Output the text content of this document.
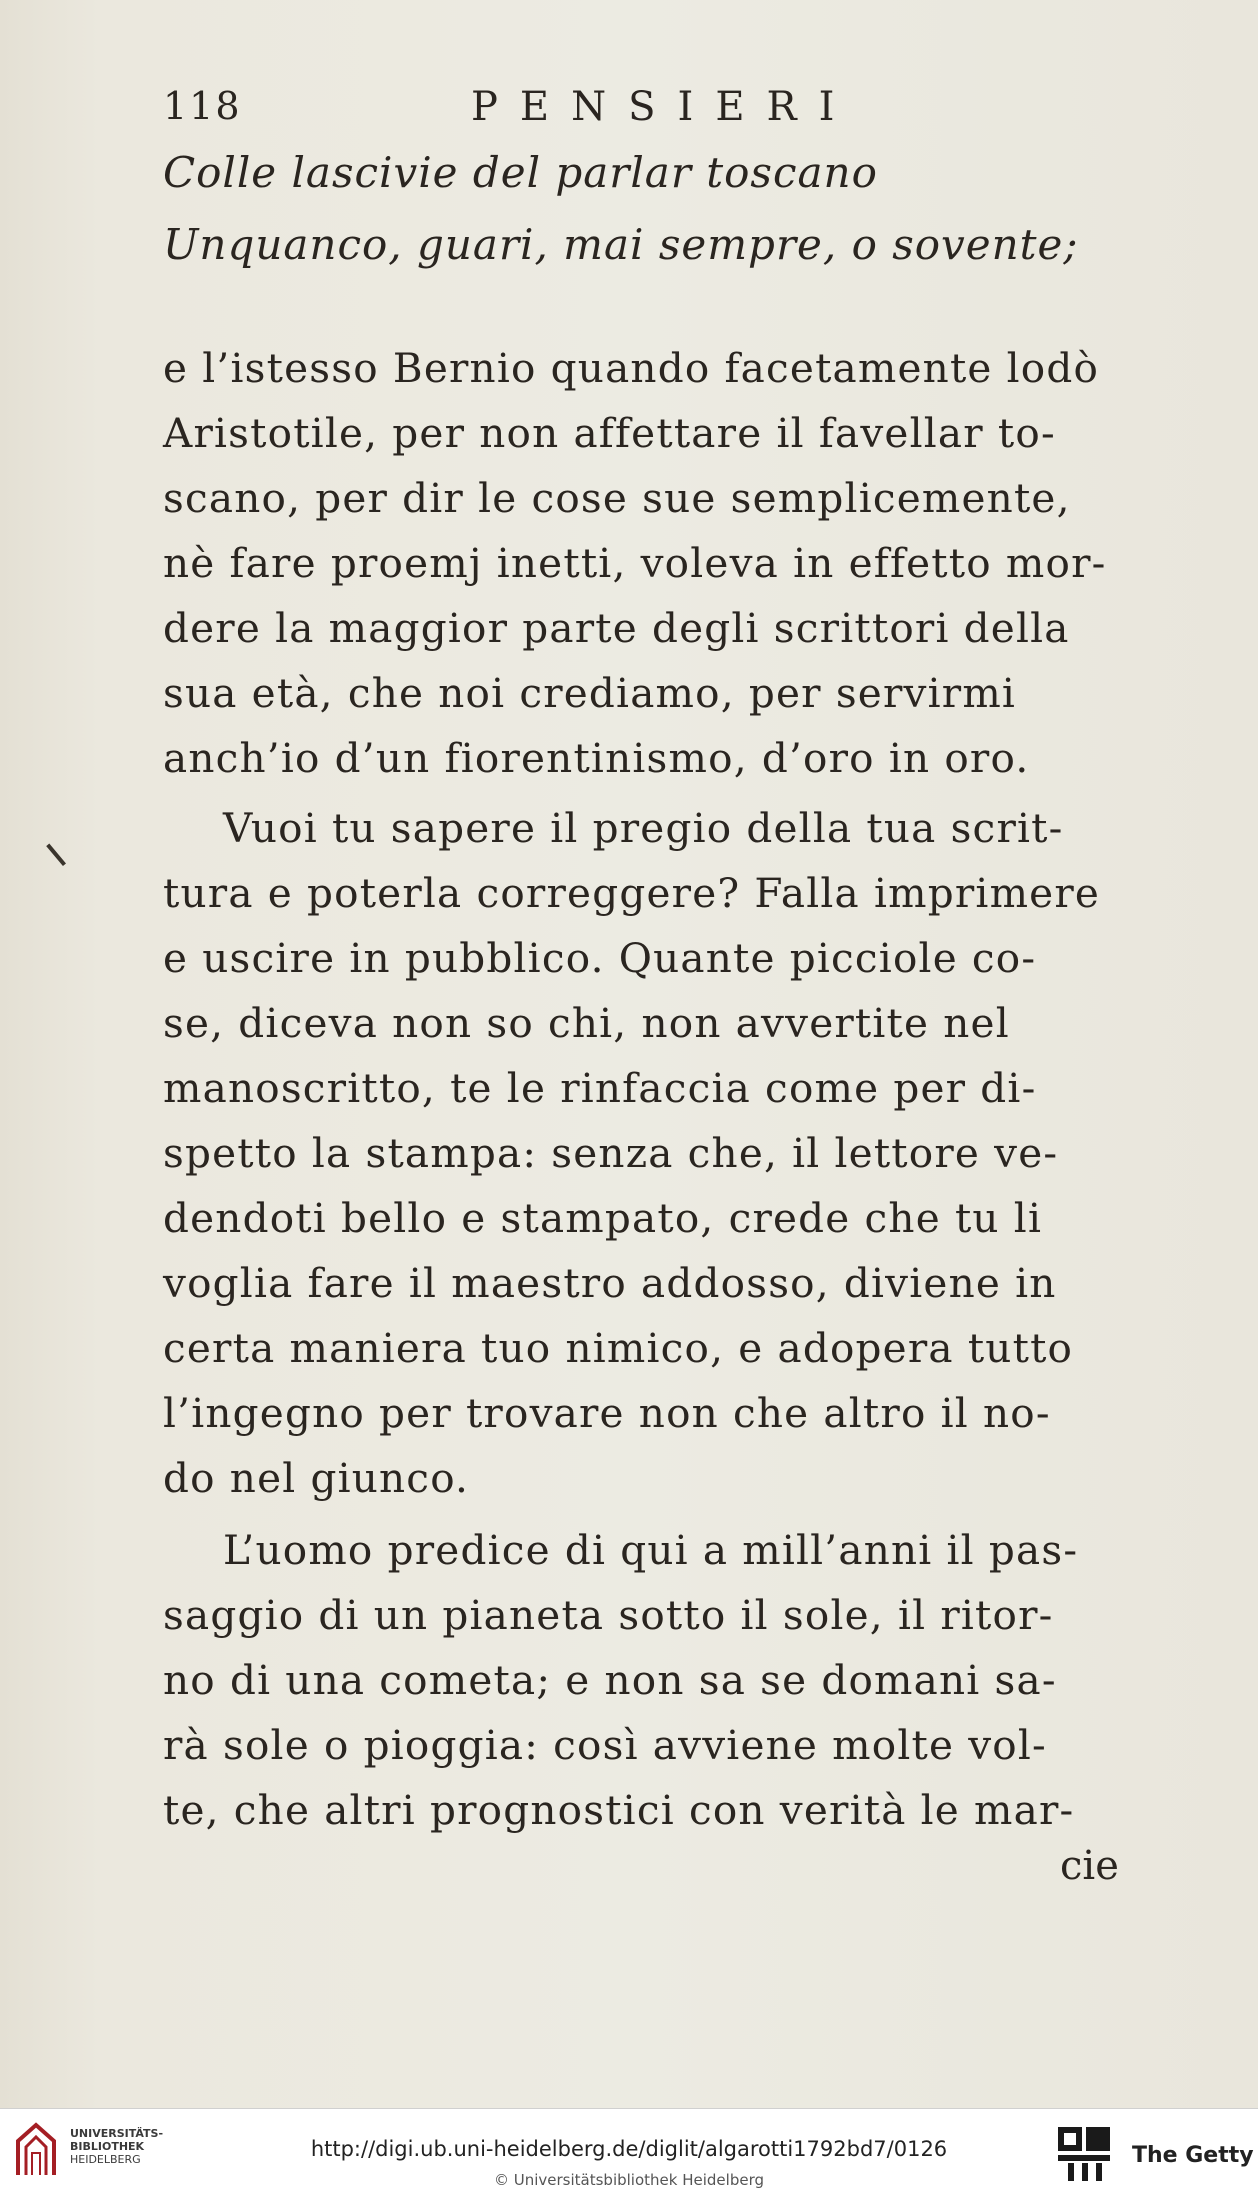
118	PENSIERI
Colle lascivie del parlar toscano
Unquanco, guari, mai sempre, o sovente;
e l’istesso Bernio quando facetamente lodò
Aristotile, per non affettare il favellar to-
scano, per dir le cose sue semplicemente,
nè fare proemj inetti, voleva in effetto mor-
dere la maggior parte degli scrittori della
sua età, che noi crediamo, per servirmi
anch’io d’un fiorentinismo, d’oro in oro.
Vuoi tu sapere il pregio della tua scrit-
tura e poterla correggere? Falla imprimere
e uscire in pubblico. Quante picciole co-
se, diceva non so chi, non avvertite nel
manoscritto, te le rinfaccia come per di-
spetto la stampa: senza che, il lettore ve-
dendoti bello e stampato, crede che tu li
voglia fare il maestro addosso, diviene in
certa maniera tuo nimico, e adopera tutto
l’ingegno per trovare non che altro il no-
do nel giunco.
L’uomo predice di qui a mill’anni il pas-
saggio di un pianeta sotto il sole, il ritor-
no di una cometa; e non sa se domani sa-
rà sole o pioggia: così avviene molte vol-
te, che altri prognostici con verità le mar-
cie
UNIVERSITÄTS-
BIBLIOTHEK
HEIDELBERG	http://digi.ub.uni-heidelberg.de/diglit/algarotti1792bd7/0126
© Universitätsbibliothek Heidelberg
The Getty
